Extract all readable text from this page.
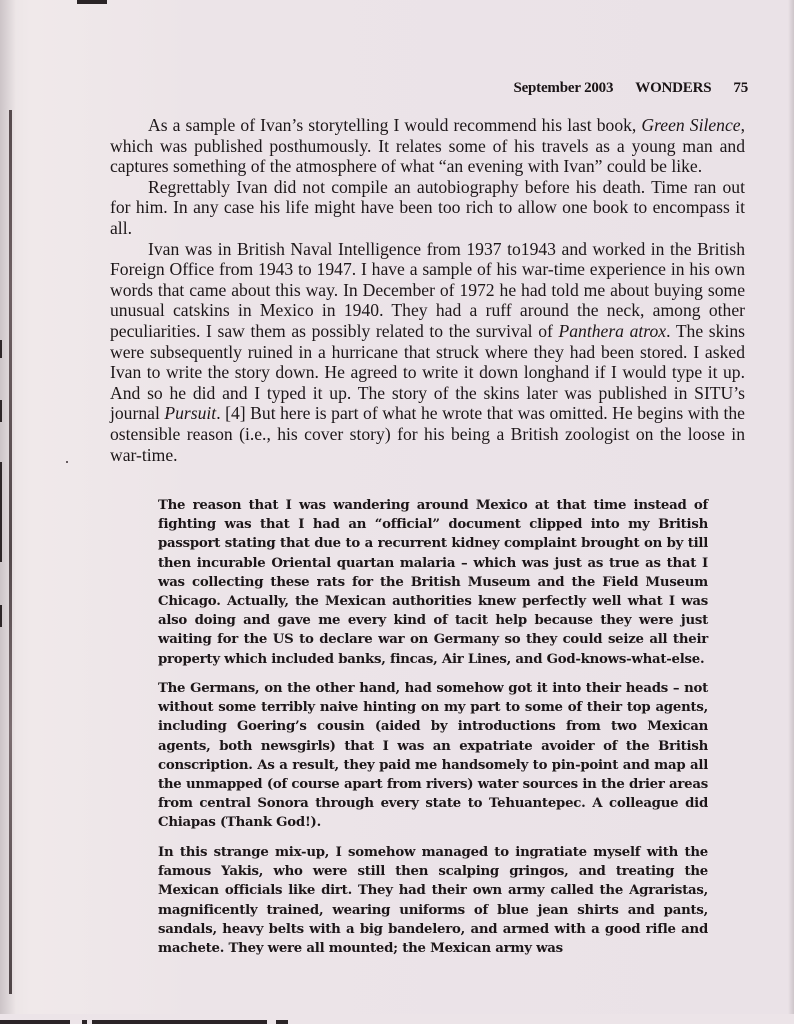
September 2003 WONDERS 75

As a sample of Ivan’s storytelling I would recommend his last book, Green Silence, which was published posthumously. It relates some of his travels as a young man and captures something of the atmosphere of what “an evening with Ivan” could be like.

Regrettably Ivan did not compile an autobiography before his death. Time ran out for him. In any case his life might have been too rich to allow one book to encompass it all.

Ivan was in British Naval Intelligence from 1937 to1943 and worked in the British Foreign Office from 1943 to 1947. I have a sample of his war-time experience in his own words that came about this way. In December of 1972 he had told me about buying some unusual catskins in Mexico in 1940. They had a ruff around the neck, among other peculiarities. I saw them as possibly related to the survival of Panthera atrox. The skins were subsequently ruined in a hurricane that struck where they had been stored. I asked Ivan to write the story down. He agreed to write it down longhand if I would type it up. And so he did and I typed it up. The story of the skins later was published in SITU’s journal Pursuit. [4] But here is part of what he wrote that was omitted. He begins with the ostensible reason (i.e., his cover story) for his being a British zoologist on the loose in war-time.

The reason that I was wandering around Mexico at that time instead of fighting was that I had an “official” document clipped into my British passport stating that due to a recurrent kidney complaint brought on by till then incurable Oriental quartan malaria – which was just as true as that I was collecting these rats for the British Museum and the Field Museum Chicago. Actually, the Mexican authorities knew perfectly well what I was also doing and gave me every kind of tacit help because they were just waiting for the US to declare war on Germany so they could seize all their property which included banks, fincas, Air Lines, and God-knows-what-else.

The Germans, on the other hand, had somehow got it into their heads – not without some terribly naive hinting on my part to some of their top agents, including Goering’s cousin (aided by introductions from two Mexican agents, both newsgirls) that I was an expatriate avoider of the British conscription. As a result, they paid me handsomely to pin-point and map all the unmapped (of course apart from rivers) water sources in the drier areas from central Sonora through every state to Tehuantepec. A colleague did Chiapas (Thank God!).

In this strange mix-up, I somehow managed to ingratiate myself with the famous Yakis, who were still then scalping gringos, and treating the Mexican officials like dirt. They had their own army called the Agraristas, magnificently trained, wearing uniforms of blue jean shirts and pants, sandals, heavy belts with a big bandelero, and armed with a good rifle and machete. They were all mounted; the Mexican army was
